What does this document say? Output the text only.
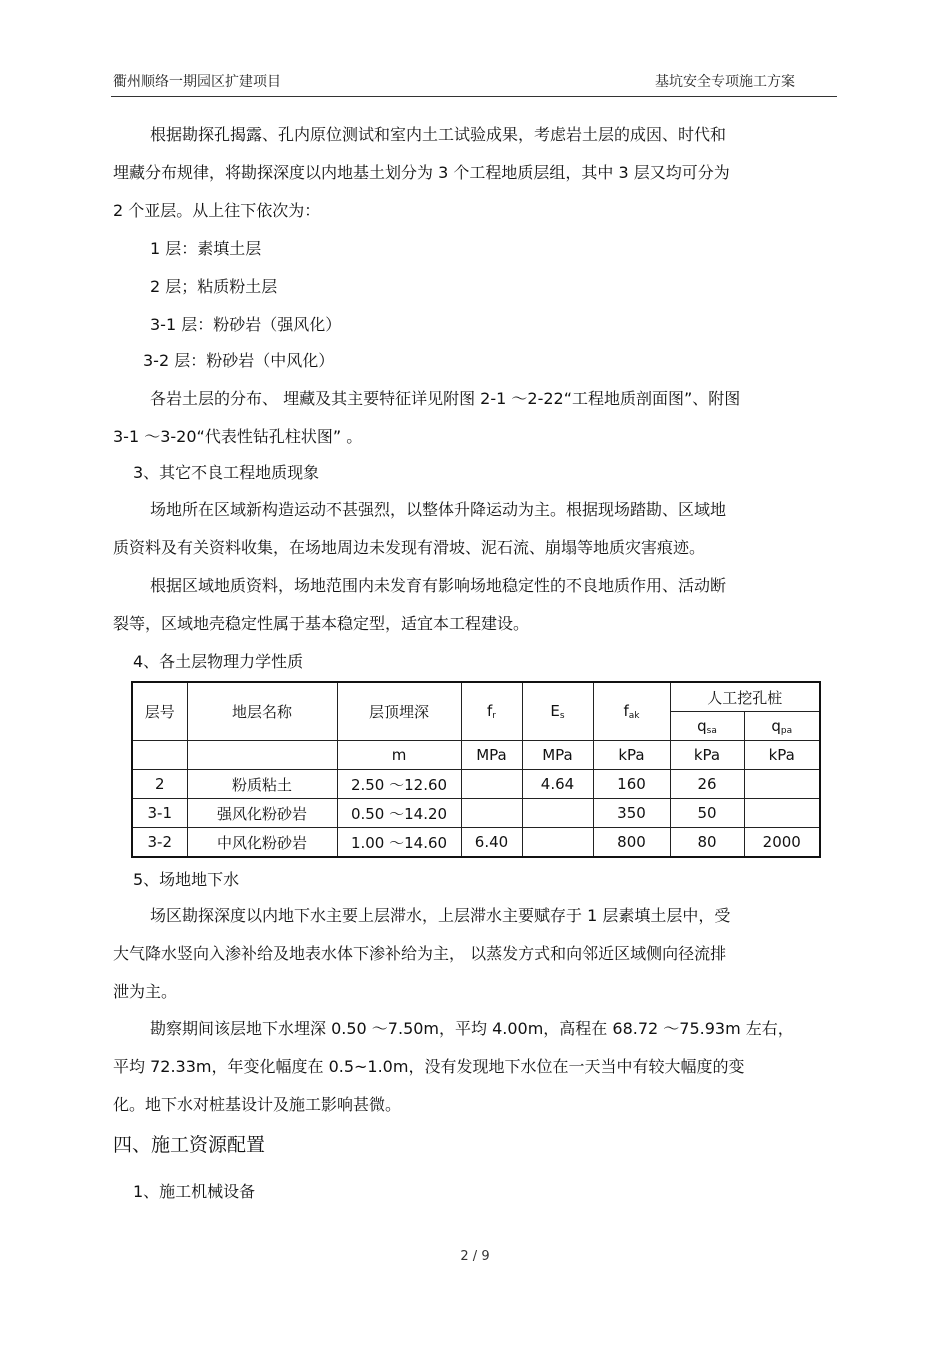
衢州顺络一期园区扩建项目	基坑安全专项施工方案
根据勘探孔揭露、孔内原位测试和室内土工试验成果，考虑岩土层的成因、时代和
埋藏分布规律，将勘探深度以内地基土划分为 3 个工程地质层组，其中 3 层又均可分为
2 个亚层。从上往下依次为：
1 层：素填土层
2 层；粘质粉土层
3-1 层：粉砂岩（强风化）
3-2 层：粉砂岩（中风化）
各岩土层的分布、 埋藏及其主要特征详见附图 2-1 ～2-22“工程地质剖面图”、附图
3-1 ～3-20“代表性钻孔柱状图” 。
3、其它不良工程地质现象
场地所在区域新构造运动不甚强烈，以整体升降运动为主。根据现场踏勘、区域地
质资料及有关资料收集，在场地周边未发现有滑坡、泥石流、崩塌等地质灾害痕迹。
根据区域地质资料，场地范围内未发育有影响场地稳定性的不良地质作用、活动断
裂等，区域地壳稳定性属于基本稳定型，适宜本工程建设。
4、各土层物理力学性质
层号	地层名称	层顶埋深	$f_r$	$E_s$	$f_{ak}$	人工挖孔桩	
						$q_{sa}$	$q_{pa}$
		m	MPa	MPa	kPa	kPa	kPa
2	粉质粘土	2.50 ～12.60		4.64	160	26	
3-1	强风化粉砂岩	0.50 ～14.20			350	50	
3-2	中风化粉砂岩	1.00 ～14.60	6.40		800	80	2000
5、场地地下水
场区勘探深度以内地下水主要上层滞水，上层滞水主要赋存于 1 层素填土层中，受
大气降水竖向入渗补给及地表水体下渗补给为主， 以蒸发方式和向邻近区域侧向径流排
泄为主。
勘察期间该层地下水埋深 0.50 ～7.50m，平均 4.00m，高程在 68.72 ～75.93m 左右，
平均 72.33m，年变化幅度在 0.5~1.0m，没有发现地下水位在一天当中有较大幅度的变
化。地下水对桩基设计及施工影响甚微。
四、施工资源配置
1、施工机械设备
2 / 9
